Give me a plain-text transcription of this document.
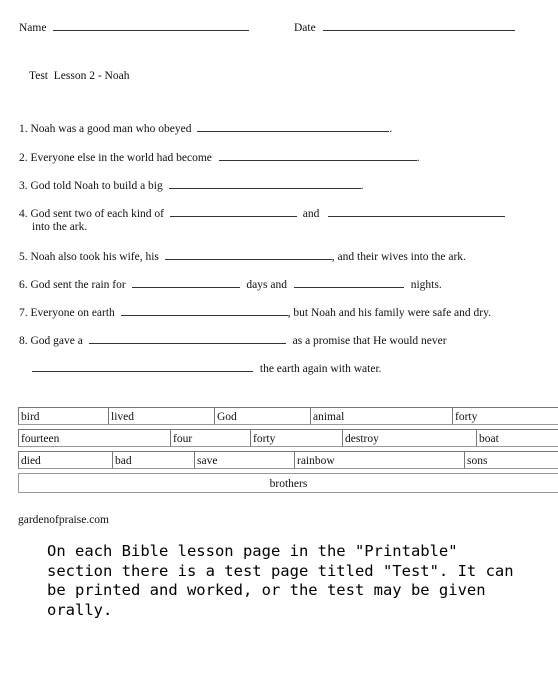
Name	Date
Test  Lesson 2 - Noah
1. Noah was a good man who obeyed	.
2. Everyone else in the world had become	.
3. God told Noah to build a big	.
4. God sent two of each kind of	and
into the ark.
5. Noah also took his wife, his	, and their wives into the ark.
6. God sent the rain for	days and	nights.
7. Everyone on earth	, but Noah and his family were safe and dry.
8. God gave a	as a promise that He would never
the earth again with water.
bird	lived	God	animal	forty
fourteen	four	forty	destroy	boat
died	bad	save	rainbow	sons
brothers
gardenofpraise.com
On each Bible lesson page in the "Printable" section there is a test page titled "Test". It can be printed and worked, or the test may be given orally.
